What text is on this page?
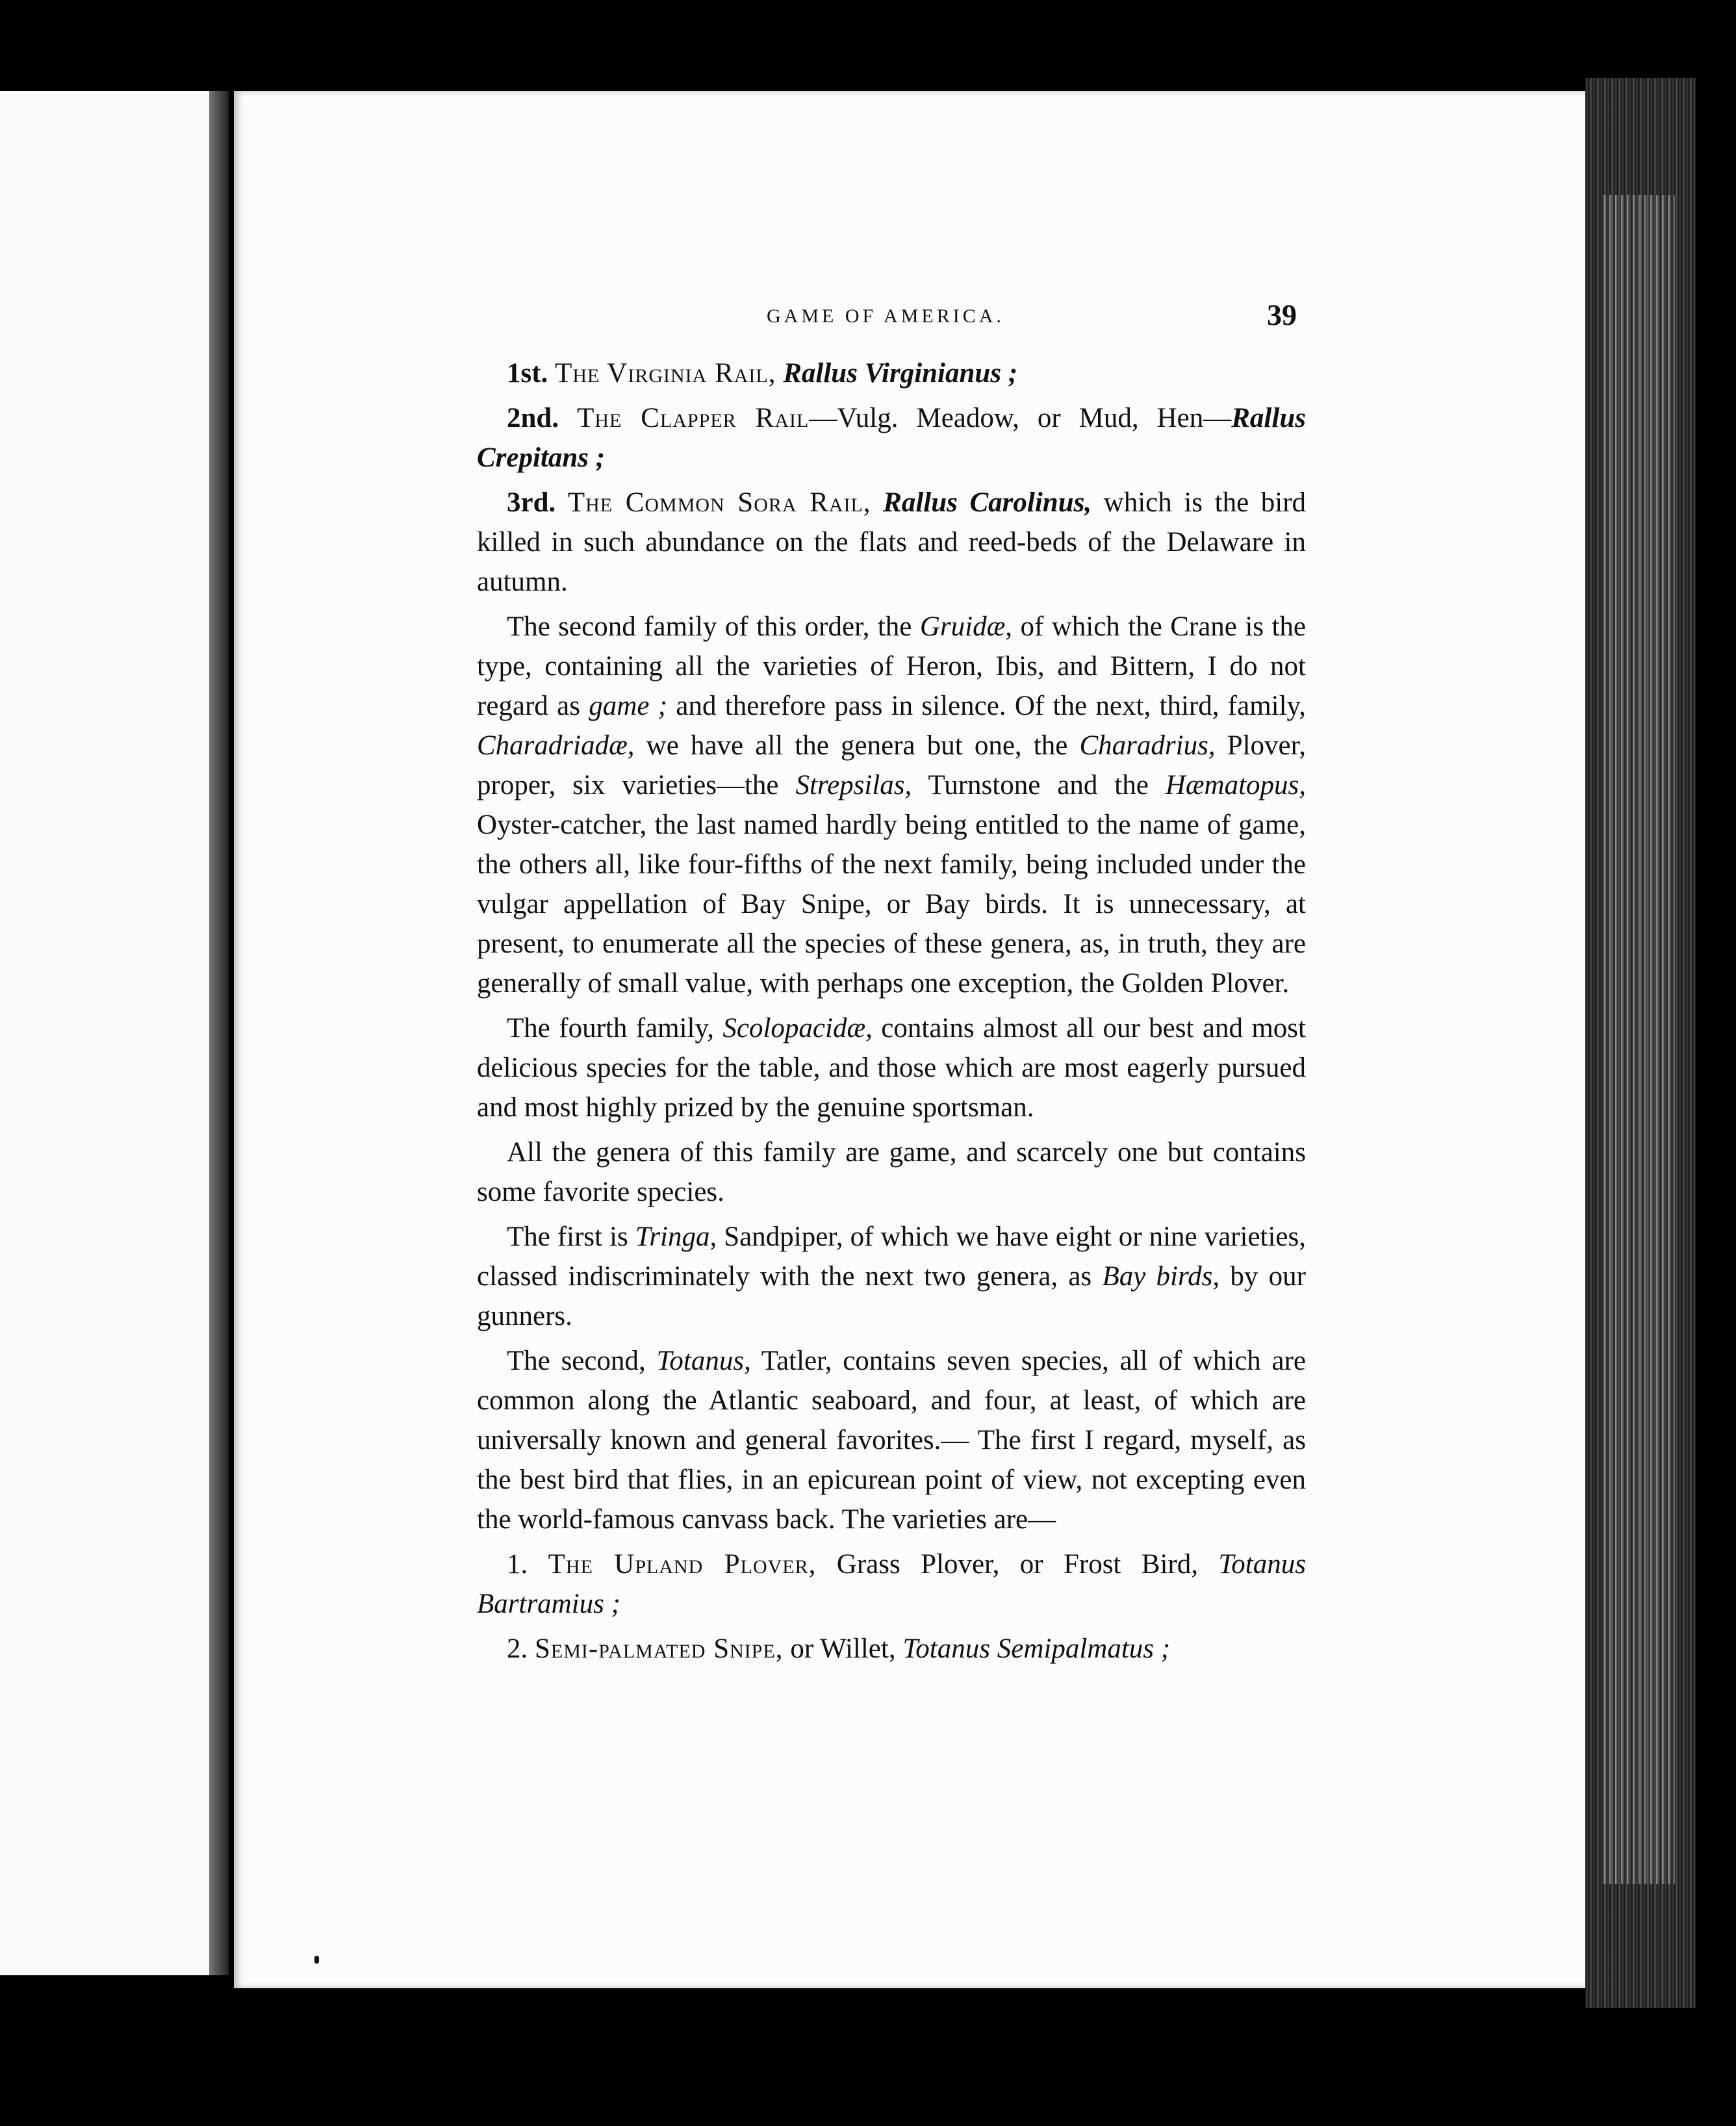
GAME OF AMERICA.	39

1st. The Virginia Rail, Rallus Virginianus ;

2nd. The Clapper Rail—Vulg. Meadow, or Mud, Hen—Rallus Crepitans ;

3rd. The Common Sora Rail, Rallus Carolinus, which is the bird killed in such abundance on the flats and reed-beds of the Delaware in autumn.

The second family of this order, the Gruidæ, of which the Crane is the type, containing all the varieties of Heron, Ibis, and Bittern, I do not regard as game ; and therefore pass in silence. Of the next, third, family, Charadriadæ, we have all the genera but one, the Charadrius, Plover, proper, six varieties—the Strepsilas, Turnstone and the Hæmatopus, Oyster-catcher, the last named hardly being entitled to the name of game, the others all, like four-fifths of the next family, being included under the vulgar appellation of Bay Snipe, or Bay birds. It is unnecessary, at present, to enumerate all the species of these genera, as, in truth, they are generally of small value, with perhaps one exception, the Golden Plover.

The fourth family, Scolopacidæ, contains almost all our best and most delicious species for the table, and those which are most eagerly pursued and most highly prized by the genuine sportsman.

All the genera of this family are game, and scarcely one but contains some favorite species.

The first is Tringa, Sandpiper, of which we have eight or nine varieties, classed indiscriminately with the next two genera, as Bay birds, by our gunners.

The second, Totanus, Tatler, contains seven species, all of which are common along the Atlantic seaboard, and four, at least, of which are universally known and general favorites.— The first I regard, myself, as the best bird that flies, in an epicurean point of view, not excepting even the world-famous canvass back. The varieties are—

1. The Upland Plover, Grass Plover, or Frost Bird, Totanus Bartramius ;

2. Semi-palmated Snipe, or Willet, Totanus Semipalmatus ;
